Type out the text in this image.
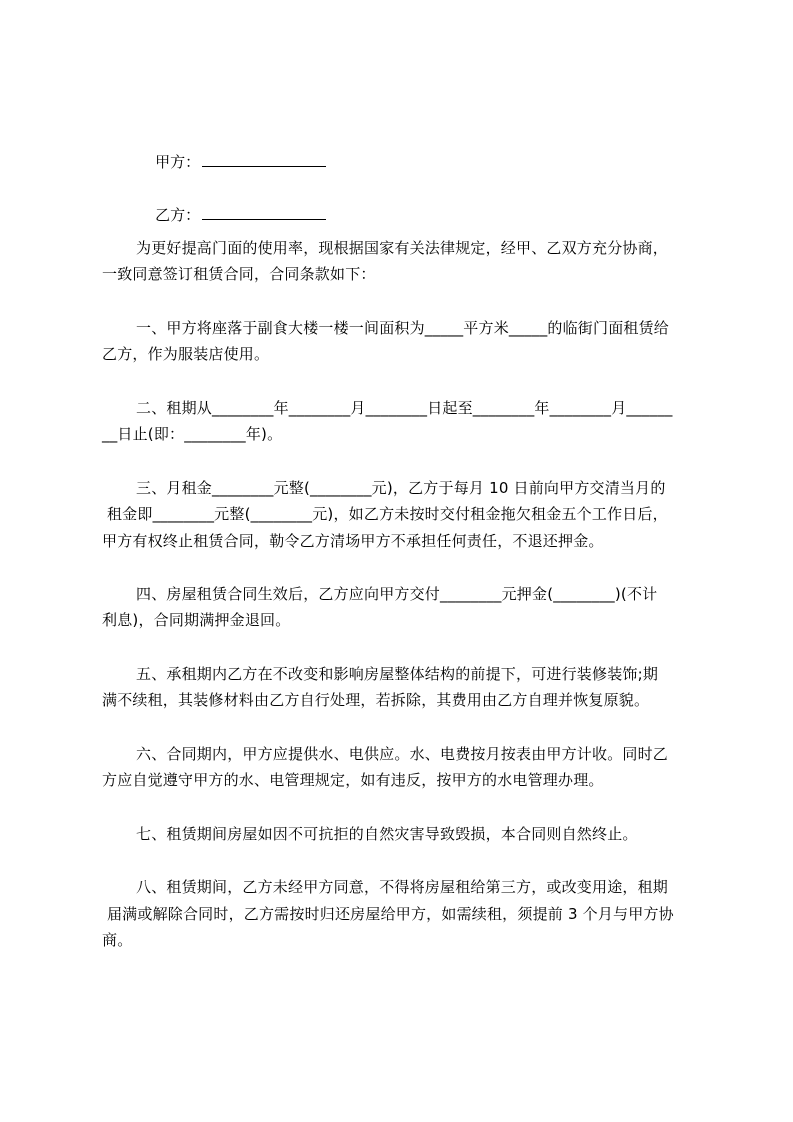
甲方：

乙方：

为更好提高门面的使用率，现根据国家有关法律规定，经甲、乙双方充分协商，
一致同意签订租赁合同，合同条款如下：
一、甲方将座落于副食大楼一楼一间面积为_____平方米_____的临街门面租赁给
乙方，作为服装店使用。
二、租期从________年________月________日起至________年________月______
__日止(即：________年)。
三、月租金________元整(________元)，乙方于每月 10 日前向甲方交清当月的
租金即________元整(________元)，如乙方未按时交付租金拖欠租金五个工作日后，
甲方有权终止租赁合同，勒令乙方清场甲方不承担任何责任，不退还押金。
四、房屋租赁合同生效后，乙方应向甲方交付________元押金(________)(不计
利息)，合同期满押金退回。
五、承租期内乙方在不改变和影响房屋整体结构的前提下，可进行装修装饰;期
满不续租，其装修材料由乙方自行处理，若拆除，其费用由乙方自理并恢复原貌。
六、合同期内，甲方应提供水、电供应。水、电费按月按表由甲方计收。同时乙
方应自觉遵守甲方的水、电管理规定，如有违反，按甲方的水电管理办理。
七、租赁期间房屋如因不可抗拒的自然灾害导致毁损，本合同则自然终止。
八、租赁期间，乙方未经甲方同意，不得将房屋租给第三方，或改变用途，租期
届满或解除合同时，乙方需按时归还房屋给甲方，如需续租，须提前 3 个月与甲方协
商。
